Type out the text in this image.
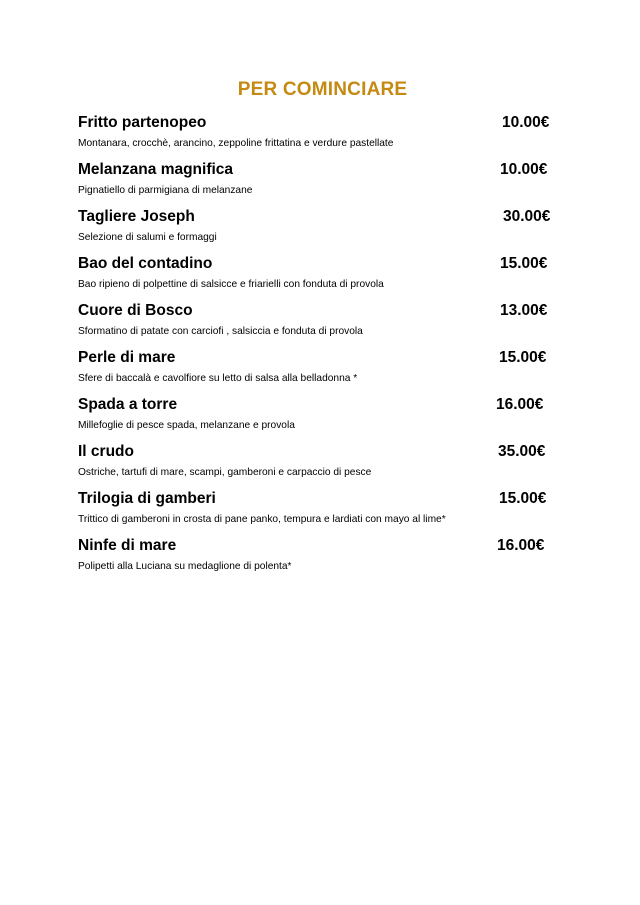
PER COMINCIARE
Fritto partenopeo	10.00€
Montanara, crocchè, arancino, zeppoline frittatina e verdure pastellate
Melanzana magnifica	10.00€
Pignatiello di parmigiana di melanzane
Tagliere Joseph	30.00€
Selezione di salumi e formaggi
Bao del contadino	15.00€
Bao ripieno di polpettine di salsicce e friarielli con fonduta di provola
Cuore di Bosco	13.00€
Sformatino di patate con carciofi , salsiccia e fonduta di provola
Perle di mare	15.00€
Sfere di baccalà e cavolfiore su letto di salsa alla belladonna *
Spada a torre	16.00€
Millefoglie di pesce spada, melanzane e provola
Il crudo	35.00€
Ostriche, tartufi di mare, scampi, gamberoni e carpaccio di pesce
Trilogia di gamberi	15.00€
Trittico di gamberoni in crosta di pane panko, tempura e lardiati con mayo al lime*
Ninfe di mare	16.00€
Polipetti alla Luciana su medaglione di polenta*
